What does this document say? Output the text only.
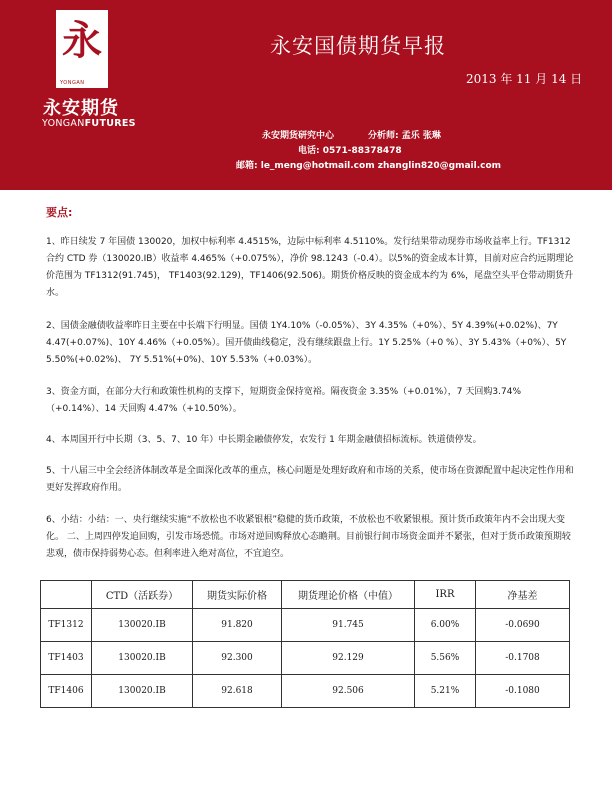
永
FUTURES
YONGAN
永安期货
YONGANFUTURES
永安国债期货早报
2013 年 11 月 14 日
永安期货研究中心	分析师: 孟乐 张琳
电话: 0571-88378478
邮箱: le_meng@hotmail.com zhanglin820@gmail.com
要点:
1、昨日续发 7 年国债 130020，加权中标利率 4.4515%，边际中标利率 4.5110%。发行结果带动现券市场收益率上行。TF1312 合约 CTD 券（130020.IB）收益率 4.465%（+0.075%），净价 98.1243（-0.4）。以5%的资金成本计算，目前对应合约远期理论 价范围为 TF1312(91.745)， TF1403(92.129)，TF1406(92.506)。期货价格反映的资金成本约为 6%，尾盘空头平仓带动期货升水。
2、国债金融债收益率昨日主要在中长端下行明显。国债 1Y4.10%（-0.05%）、3Y 4.35%（+0%）、5Y 4.39%(+0.02%)、7Y 4.47(+0.07%)、10Y 4.46%（+0.05%）。国开债曲线稳定，没有继续跟盘上行。1Y 5.25%（+0 %）、3Y 5.43%（+0%）、5Y 5.50%(+0.02%)、 7Y 5.51%(+0%)、10Y 5.53%（+0.03%）。
3、资金方面，在部分大行和政策性机构的支撑下，短期资金保持宽裕。隔夜资金 3.35%（+0.01%），7 天回购3.74%（+0.14%）、14 天回购 4.47%（+10.50%）。
4、本周国开行中长期（3、5、7、10 年）中长期金融债停发，农发行 1 年期金融债招标流标。铁道债停发。
5、十八届三中全会经济体制改革是全面深化改革的重点，核心问题是处理好政府和市场的关系，使市场在资源配置中起决定性作用和更好发挥政府作用。
6、小结：小结：一、央行继续实施“不放松也不收紧银根”稳健的货币政策，不放松也不收紧银根。预计货币政策年内不会出现大变化。 二、上周四停发追回购，引发市场恐慌。市场对逆回购释放心态瞻荆。目前银行间市场资金面并不紧张，但对于货币政策预期较悲观，债市保持弱势心态。但利率进入绝对高位，不宜追空。
	CTD（活跃券）	期货实际价格	期货理论价格（中值）	IRR	净基差
TF1312	130020.IB	91.820	91.745	6.00%	-0.0690
TF1403	130020.IB	92.300	92.129	5.56%	-0.1708
TF1406	130020.IB	92.618	92.506	5.21%	-0.1080
